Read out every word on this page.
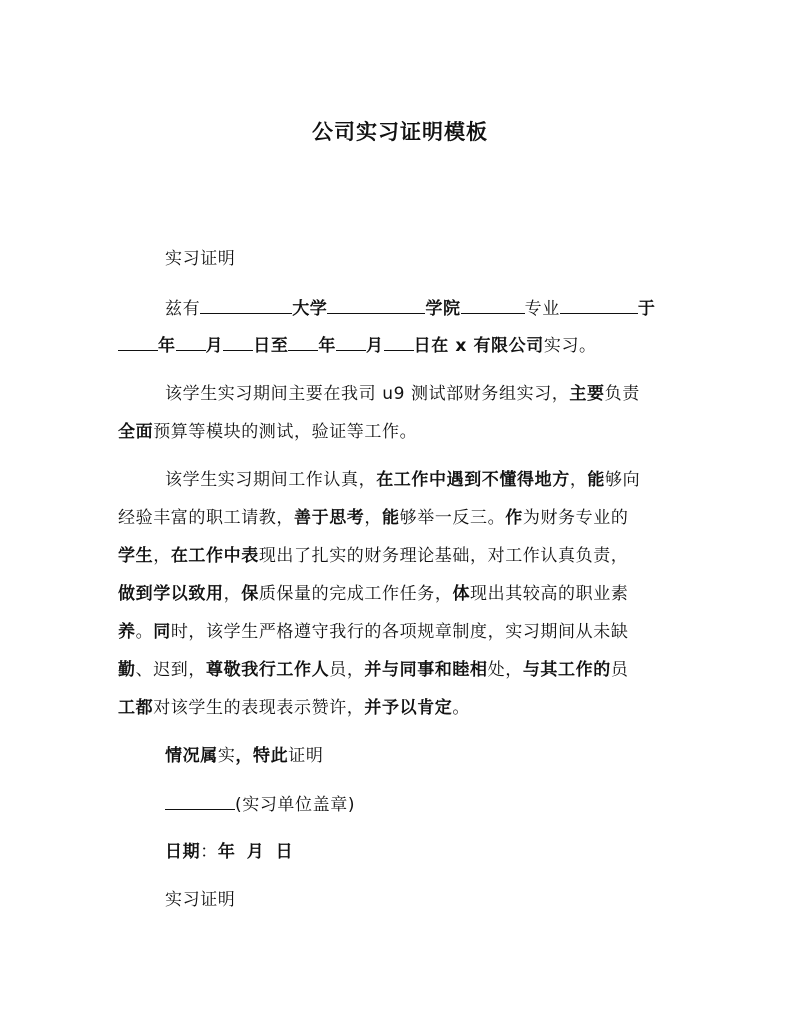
公司实习证明模板
实习证明
兹有	大学	学院	专业	于
年 月 日至 年 月 日在 x 有限公司实习。
该学生实习期间主要在我司 u9 测试部财务组实习，主要负责
全面预算等模块的测试，验证等工作。
该学生实习期间工作认真，在工作中遇到不懂得地方，能够向
经验丰富的职工请教，善于思考，能够举一反三。作为财务专业的
学生，在工作中表现出了扎实的财务理论基础，对工作认真负责，
做到学以致用，保质保量的完成工作任务，体现出其较高的职业素
养。同时，该学生严格遵守我行的各项规章制度，实习期间从未缺
勤、迟到，尊敬我行工作人员，并与同事和睦相处，与其工作的员
工都对该学生的表现表示赞许，并予以肯定。
情况属实，特此证明
(实习单位盖章)
日期：年 月 日
实习证明
